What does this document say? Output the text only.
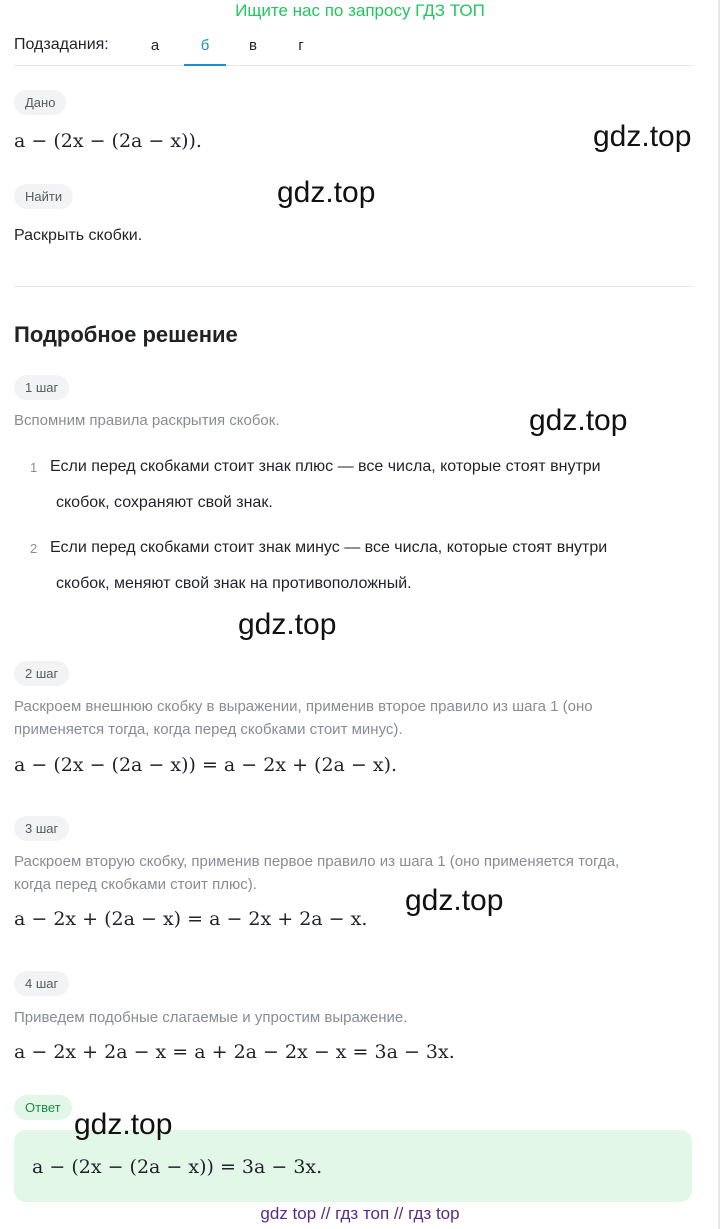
Ищите нас по запросу ГДЗ ТОП
Подзадания:	а	б	в	г
Дано
a − (2x − (2a − x)).
Найти
Раскрыть скобки.
Подробное решение
1 шаг
Вспомним правила раскрытия скобок.
1 Если перед скобками стоит знак плюс — все числа, которые стоят внутри
скобок, сохраняют свой знак.
2 Если перед скобками стоит знак минус — все числа, которые стоят внутри
скобок, меняют свой знак на противоположный.
2 шаг
Раскроем внешнюю скобку в выражении, применив второе правило из шага 1 (оно
применяется тогда, когда перед скобками стоит минус).
a − (2x − (2a − x)) = a − 2x + (2a − x).
3 шаг
Раскроем вторую скобку, применив первое правило из шага 1 (оно применяется тогда,
когда перед скобками стоит плюс).
a − 2x + (2a − x) = a − 2x + 2a − x.
4 шаг
Приведем подобные слагаемые и упростим выражение.
a − 2x + 2a − x = a + 2a − 2x − x = 3a − 3x.
Ответ
a − (2x − (2a − x)) = 3a − 3x.
gdz.top
gdz.top
gdz.top
gdz.top
gdz.top
gdz.top
gdz top // гдз топ // гдз top
